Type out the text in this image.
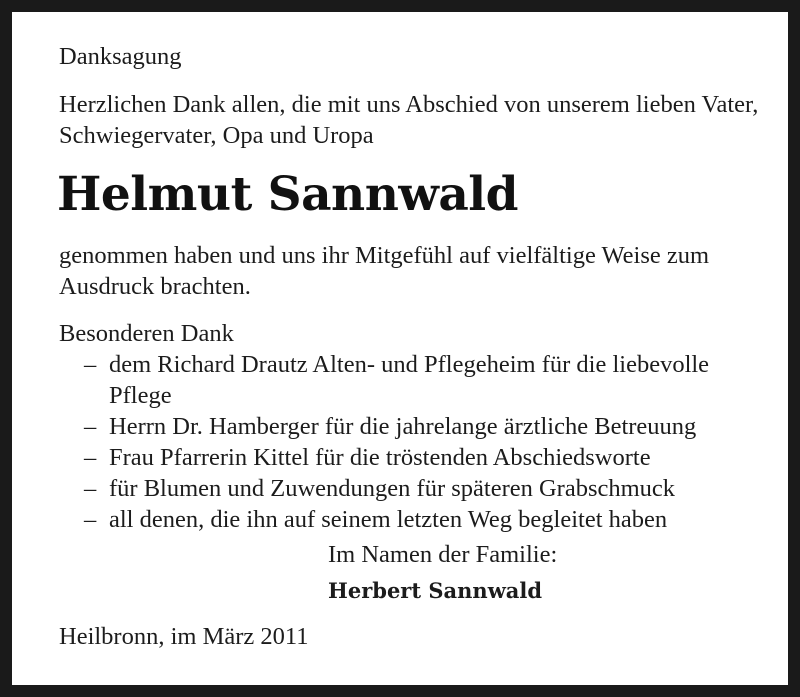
Danksagung
Herzlichen Dank allen, die mit uns Abschied von unserem lieben Vater, Schwiegervater, Opa und Uropa
Helmut Sannwald
genommen haben und uns ihr Mitgefühl auf vielfältige Weise zum Ausdruck brachten.
Besonderen Dank
– dem Richard Drautz Alten- und Pflegeheim für die liebevolle Pflege
– Herrn Dr. Hamberger für die jahrelange ärztliche Betreuung
– Frau Pfarrerin Kittel für die tröstenden Abschiedsworte
– für Blumen und Zuwendungen für späteren Grabschmuck
– all denen, die ihn auf seinem letzten Weg begleitet haben
Im Namen der Familie:
Herbert Sannwald
Heilbronn, im März 2011
